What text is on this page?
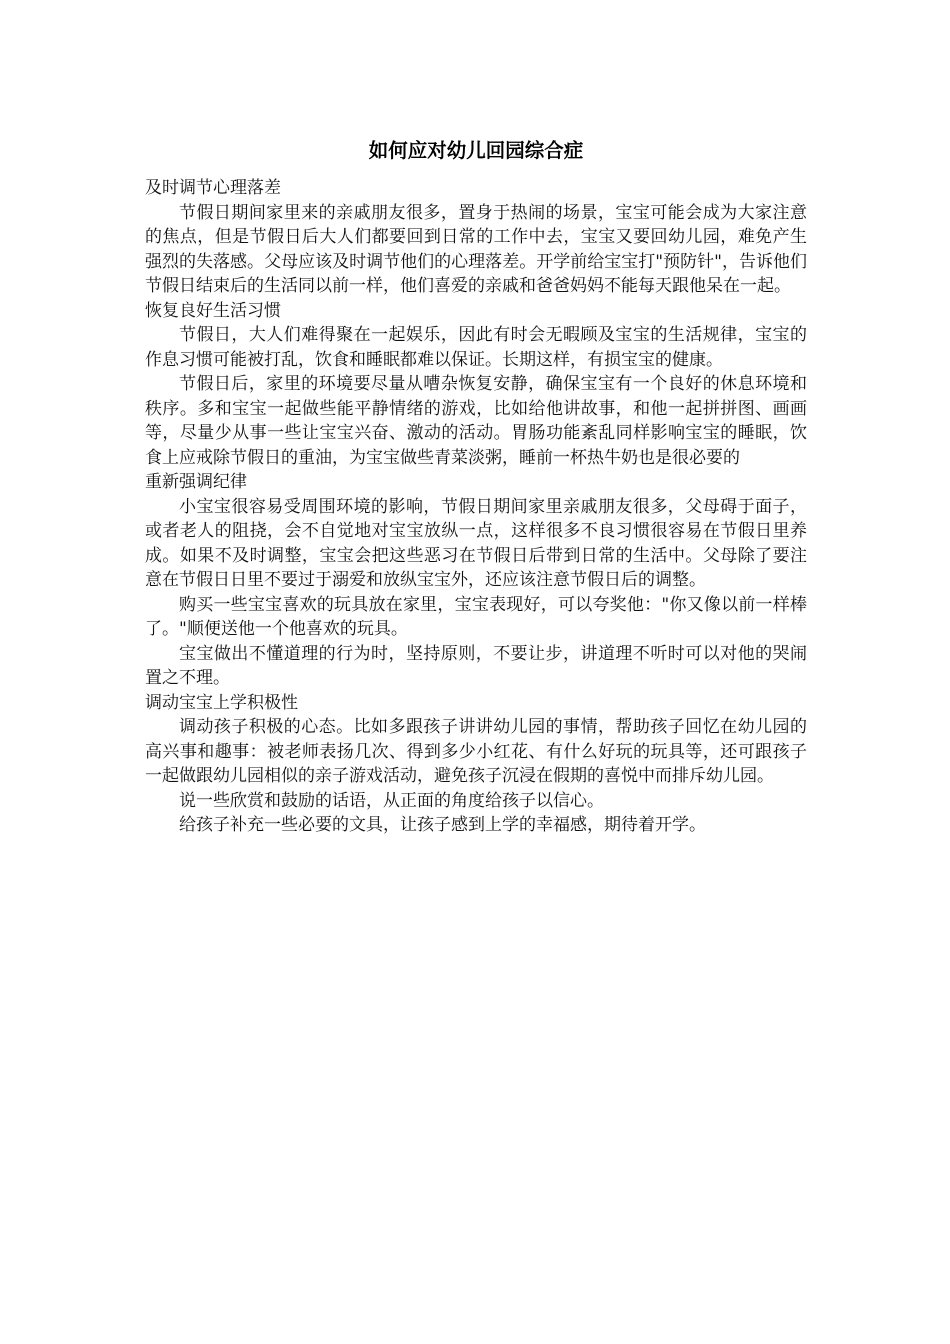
如何应对幼儿回园综合症

及时调节心理落差

节假日期间家里来的亲戚朋友很多，置身于热闹的场景，宝宝可能会成为大家注意的焦点，但是节假日后大人们都要回到日常的工作中去，宝宝又要回幼儿园，难免产生强烈的失落感。父母应该及时调节他们的心理落差。开学前给宝宝打"预防针"，告诉他们节假日结束后的生活同以前一样，他们喜爱的亲戚和爸爸妈妈不能每天跟他呆在一起。

恢复良好生活习惯

节假日，大人们难得聚在一起娱乐，因此有时会无暇顾及宝宝的生活规律，宝宝的作息习惯可能被打乱，饮食和睡眠都难以保证。长期这样，有损宝宝的健康。

节假日后，家里的环境要尽量从嘈杂恢复安静，确保宝宝有一个良好的休息环境和秩序。多和宝宝一起做些能平静情绪的游戏，比如给他讲故事，和他一起拼拼图、画画等，尽量少从事一些让宝宝兴奋、激动的活动。胃肠功能紊乱同样影响宝宝的睡眠，饮食上应戒除节假日的重油，为宝宝做些青菜淡粥，睡前一杯热牛奶也是很必要的

重新强调纪律

小宝宝很容易受周围环境的影响，节假日期间家里亲戚朋友很多，父母碍于面子，或者老人的阻挠，会不自觉地对宝宝放纵一点，这样很多不良习惯很容易在节假日里养成。如果不及时调整，宝宝会把这些恶习在节假日后带到日常的生活中。父母除了要注意在节假日日里不要过于溺爱和放纵宝宝外，还应该注意节假日后的调整。

购买一些宝宝喜欢的玩具放在家里，宝宝表现好，可以夸奖他："你又像以前一样棒了。"顺便送他一个他喜欢的玩具。

宝宝做出不懂道理的行为时，坚持原则，不要让步，讲道理不听时可以对他的哭闹置之不理。

调动宝宝上学积极性

调动孩子积极的心态。比如多跟孩子讲讲幼儿园的事情，帮助孩子回忆在幼儿园的高兴事和趣事：被老师表扬几次、得到多少小红花、有什么好玩的玩具等，还可跟孩子一起做跟幼儿园相似的亲子游戏活动，避免孩子沉浸在假期的喜悦中而排斥幼儿园。

说一些欣赏和鼓励的话语，从正面的角度给孩子以信心。

给孩子补充一些必要的文具，让孩子感到上学的幸福感，期待着开学。
